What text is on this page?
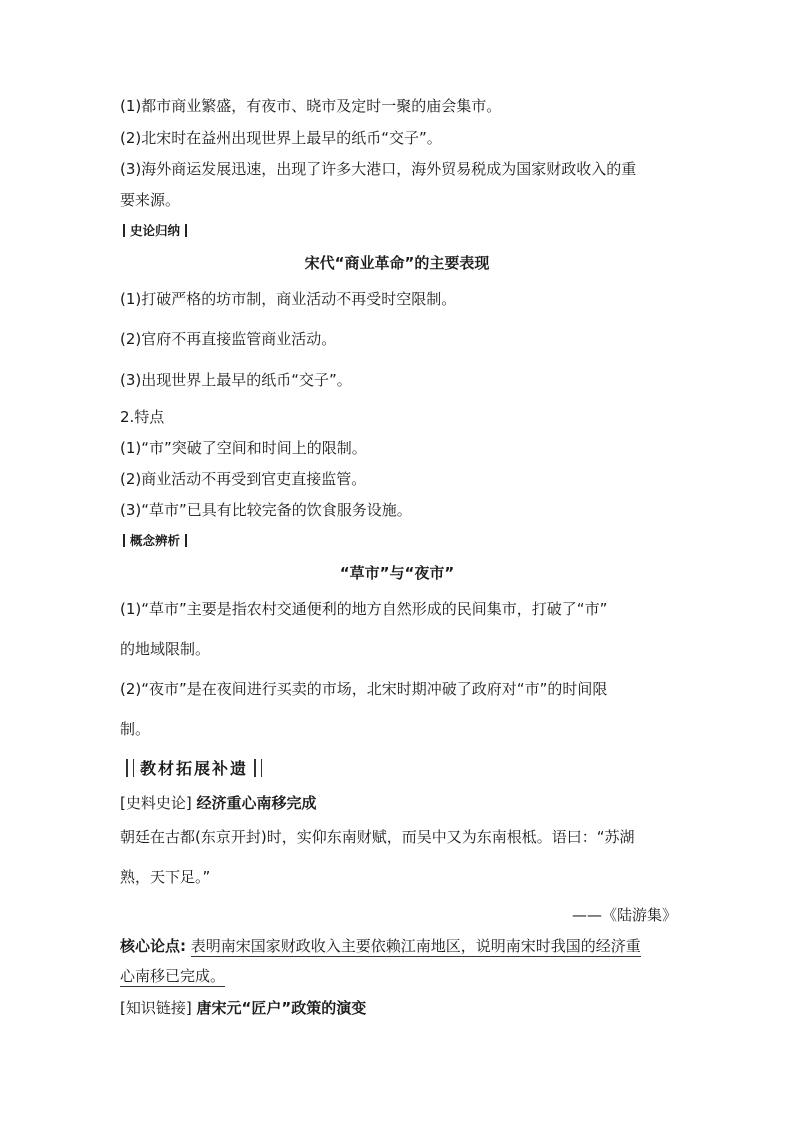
(1)都市商业繁盛，有夜市、晓市及定时一聚的庙会集市。
(2)北宋时在益州出现世界上最早的纸币“交子”。
(3)海外商运发展迅速，出现了许多大港口，海外贸易税成为国家财政收入的重
要来源。
史论归纳
宋代“商业革命”的主要表现
(1)打破严格的坊市制，商业活动不再受时空限制。
(2)官府不再直接监管商业活动。
(3)出现世界上最早的纸币“交子”。
2.特点
(1)“市”突破了空间和时间上的限制。
(2)商业活动不再受到官吏直接监管。
(3)“草市”已具有比较完备的饮食服务设施。
概念辨析
“草市”与“夜市”
(1)“草市”主要是指农村交通便利的地方自然形成的民间集市，打破了“市”
的地域限制。
(2)“夜市”是在夜间进行买卖的市场，北宋时期冲破了政府对“市”的时间限
制。
教材拓展补遗
[史料史论] 经济重心南移完成
朝廷在古都(东京开封)时，实仰东南财赋，而吴中又为东南根柢。语曰：“苏湖
熟，天下足。”
——《陆游集》
核心论点: 表明南宋国家财政收入主要依赖江南地区，说明南宋时我国的经济重
心南移已完成。
[知识链接] 唐宋元“匠户”政策的演变
